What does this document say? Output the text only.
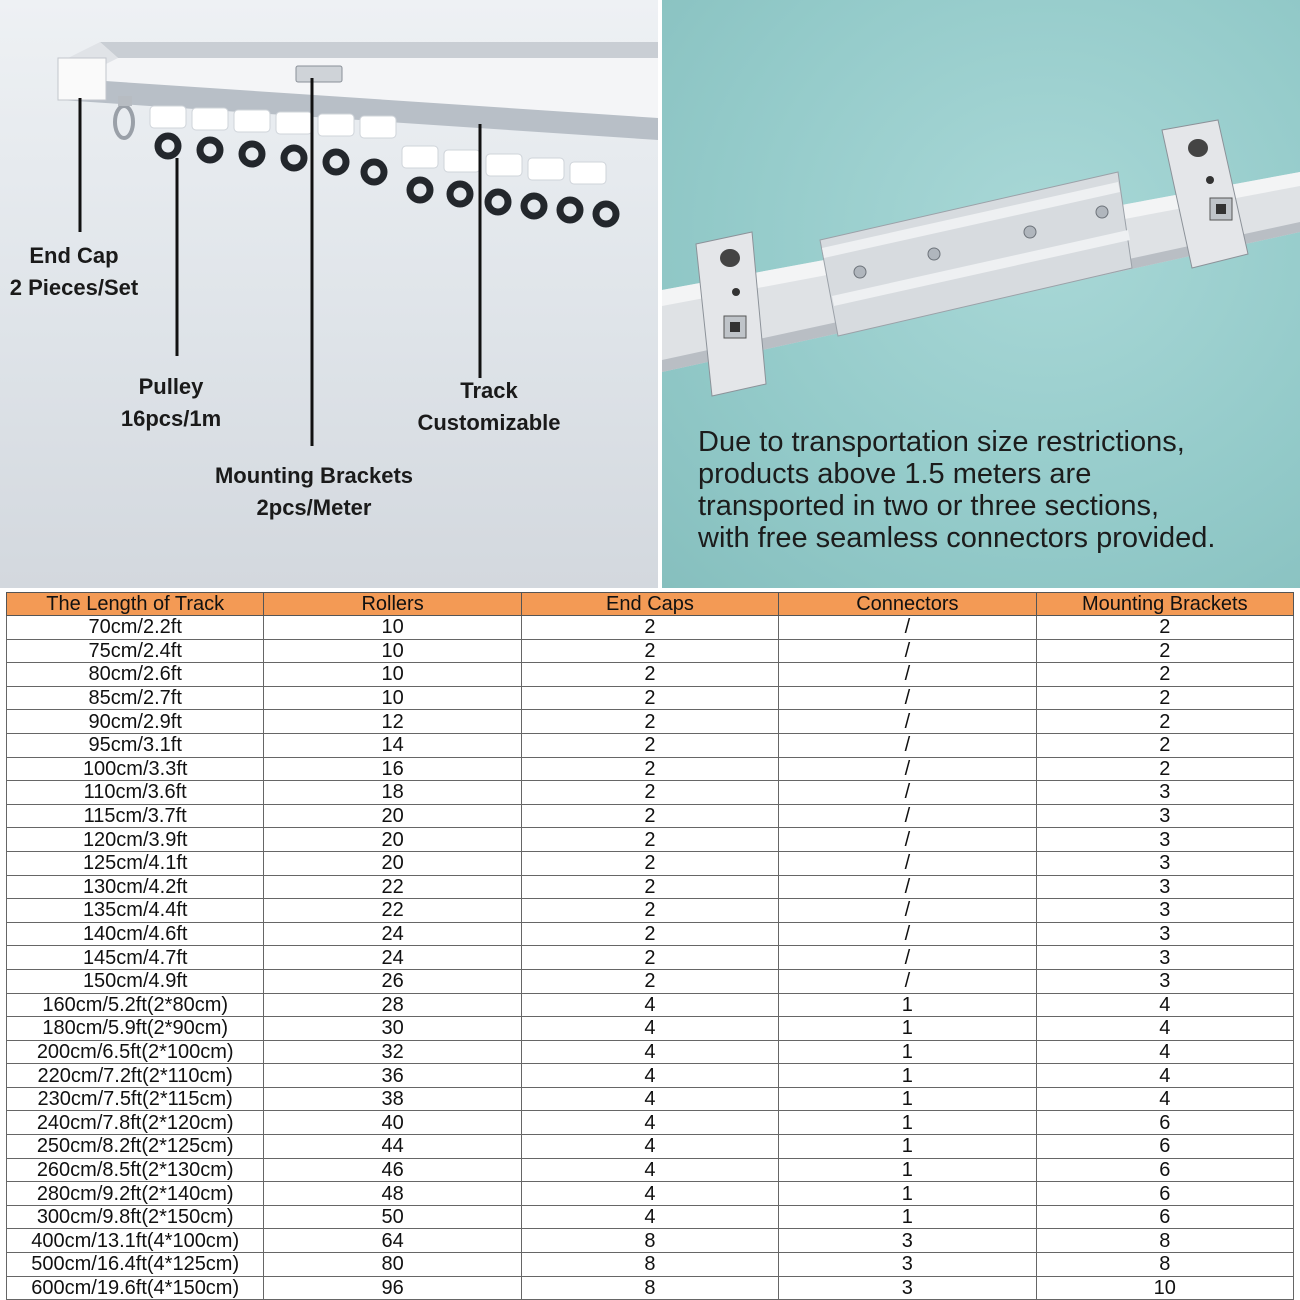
End Cap
2 Pieces/Set
Pulley
16pcs/1m
Track
Customizable
Mounting Brackets
2pcs/Meter
Due to transportation size restrictions,
products above 1.5 meters are
transported in two or three sections,
with free seamless connectors provided.
The Length of Track	Rollers	End Caps	Connectors	Mounting Brackets
70cm/2.2ft	10	2	/	2
75cm/2.4ft	10	2	/	2
80cm/2.6ft	10	2	/	2
85cm/2.7ft	10	2	/	2
90cm/2.9ft	12	2	/	2
95cm/3.1ft	14	2	/	2
100cm/3.3ft	16	2	/	2
110cm/3.6ft	18	2	/	3
115cm/3.7ft	20	2	/	3
120cm/3.9ft	20	2	/	3
125cm/4.1ft	20	2	/	3
130cm/4.2ft	22	2	/	3
135cm/4.4ft	22	2	/	3
140cm/4.6ft	24	2	/	3
145cm/4.7ft	24	2	/	3
150cm/4.9ft	26	2	/	3
160cm/5.2ft(2*80cm)	28	4	1	4
180cm/5.9ft(2*90cm)	30	4	1	4
200cm/6.5ft(2*100cm)	32	4	1	4
220cm/7.2ft(2*110cm)	36	4	1	4
230cm/7.5ft(2*115cm)	38	4	1	4
240cm/7.8ft(2*120cm)	40	4	1	6
250cm/8.2ft(2*125cm)	44	4	1	6
260cm/8.5ft(2*130cm)	46	4	1	6
280cm/9.2ft(2*140cm)	48	4	1	6
300cm/9.8ft(2*150cm)	50	4	1	6
400cm/13.1ft(4*100cm)	64	8	3	8
500cm/16.4ft(4*125cm)	80	8	3	8
600cm/19.6ft(4*150cm)	96	8	3	10
